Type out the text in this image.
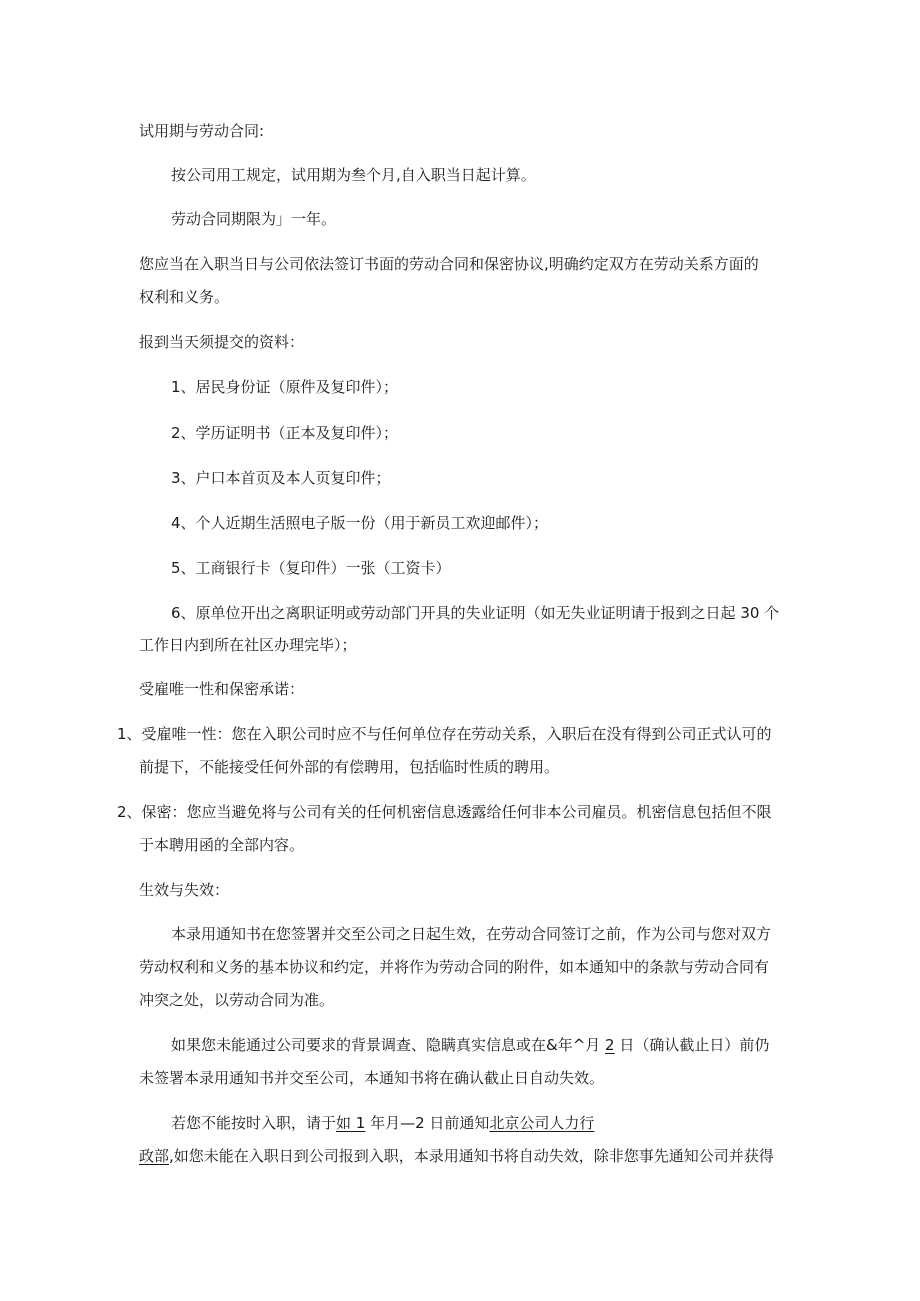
试用期与劳动合同:

按公司用工规定，试用期为叁个月,自入职当日起计算。

劳动合同期限为」一年。

您应当在入职当日与公司依法签订书面的劳动合同和保密协议,明确约定双方在劳动关系方面的

权利和义务。

报到当天须提交的资料：

1、居民身份证（原件及复印件）；

2、学历证明书（正本及复印件）；

3、户口本首页及本人页复印件；

4、个人近期生活照电子版一份（用于新员工欢迎邮件）；

5、工商银行卡（复印件）一张（工资卡）

6、原单位开出之离职证明或劳动部门开具的失业证明（如无失业证明请于报到之日起 30 个

工作日内到所在社区办理完毕）；

受雇唯一性和保密承诺：

1、受雇唯一性：您在入职公司时应不与任何单位存在劳动关系，入职后在没有得到公司正式认可的

前提下，不能接受任何外部的有偿聘用，包括临时性质的聘用。

2、保密：您应当避免将与公司有关的任何机密信息透露给任何非本公司雇员。机密信息包括但不限

于本聘用函的全部内容。

生效与失效：

本录用通知书在您签署并交至公司之日起生效，在劳动合同签订之前，作为公司与您对双方

劳动权利和义务的基本协议和约定，并将作为劳动合同的附件，如本通知中的条款与劳动合同有

冲突之处，以劳动合同为准。

如果您未能通过公司要求的背景调查、隐瞒真实信息或在&年^月 2 日（确认截止日）前仍

未签署本录用通知书并交至公司，本通知书将在确认截止日自动失效。

若您不能按时入职，请于如 1 年月—2 日前通知北京公司人力行

政部,如您未能在入职日到公司报到入职，本录用通知书将自动失效，除非您事先通知公司并获得
